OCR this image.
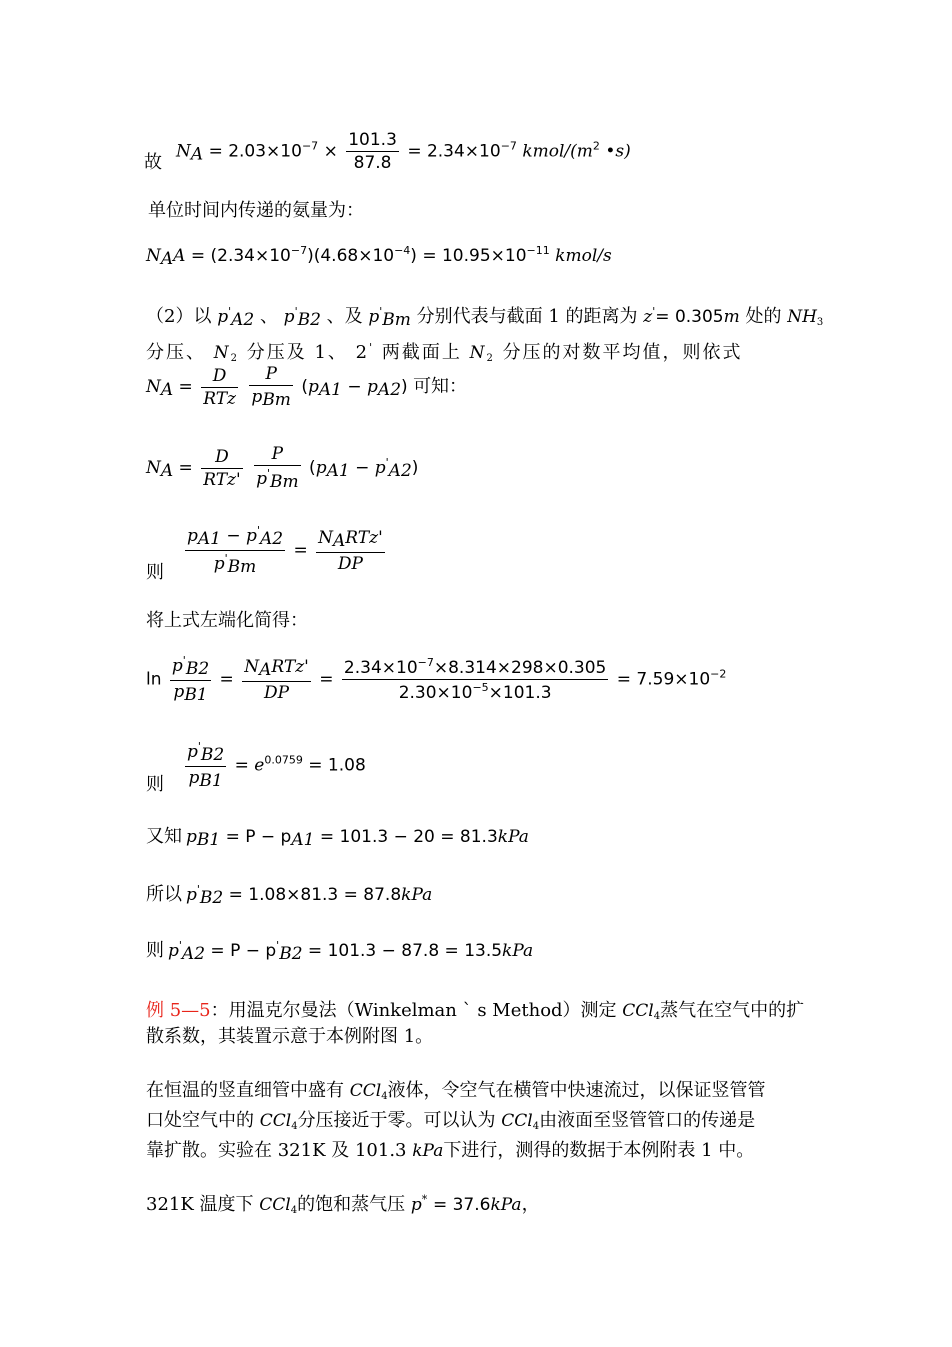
故
$N_A = 2.03\times 10^{-7} \times \frac{101.3}{87.8} = 2.34\times 10^{-7}$ kmol/($m^2$ •s)
单位时间内传递的氨量为：
$N_AA = (2.34\times 10^{-7})(4.68\times 10^{-4}) = 10.95\times 10^{-11}$ kmol/s
（2）以 $p'_{A2}$ 、 $p'_{B2}$ 、及 $p'_{Bm}$ 分别代表与截面 1 的距离为 z'= 0.305m 处的 $NH_3$
分压、 $N_2$ 分压及 1、 2' 两截面上 $N_2$ 分压的对数平均值，则依式
$N_A = \frac{D}{\text{RTz}}$
$\frac{P}{p_{Bm}} (p_{A1} - p_{A2})$ 可知：
$N_A = \frac{D}{\text{RTz'}}$
$\frac{P}{p'_{Bm}} (p_{A1} - p'_{A2})$
则 $\frac{p_{A1} - p'_{A2}}{p'_{Bm}} = \frac{N_ARTz'}{DP}$
将上式左端化简得：
$\ln \frac{p'_{B2}}{p_{B1}} = \frac{N_ARTz'}{DP} = \frac{2.34\times 10^{-7}\times 8.314\times 298\times 0.305}{2.30\times 10^{-5}\times 101.3} = 7.59\times 10^{-2}$
则 $\frac{p'_{B2}}{p_{B1}} = e^{0.0759} = 1.08$
又知 $p_{B1} = P - p_{A1} = 101.3 - 20 = 81.3kPa$
所以 $p'_{B2} = 1.08\times 81.3 = 87.8kPa$
则 $p'_{A2} = P - p'_{B2} = 101.3 - 87.8 = 13.5kPa$
例 5—5：用温克尔曼法（Winkelman ` s Method）测定 CCl$_4$蒸气在空气中的扩
散系数，其装置示意于本例附图 1。
在恒温的竖直细管中盛有 CCl$_4$液体，令空气在横管中快速流过，以保证竖管管
口处空气中的 CCl$_4$分压接近于零。可以认为 CCl$_4$由液面至竖管管口的传递是
靠扩散。实验在 321K 及 101.3 kPa下进行，测得的数据于本例附表 1 中。
321K 温度下 CCl$_4$的饱和蒸气压 p* = 37.6kPa，
